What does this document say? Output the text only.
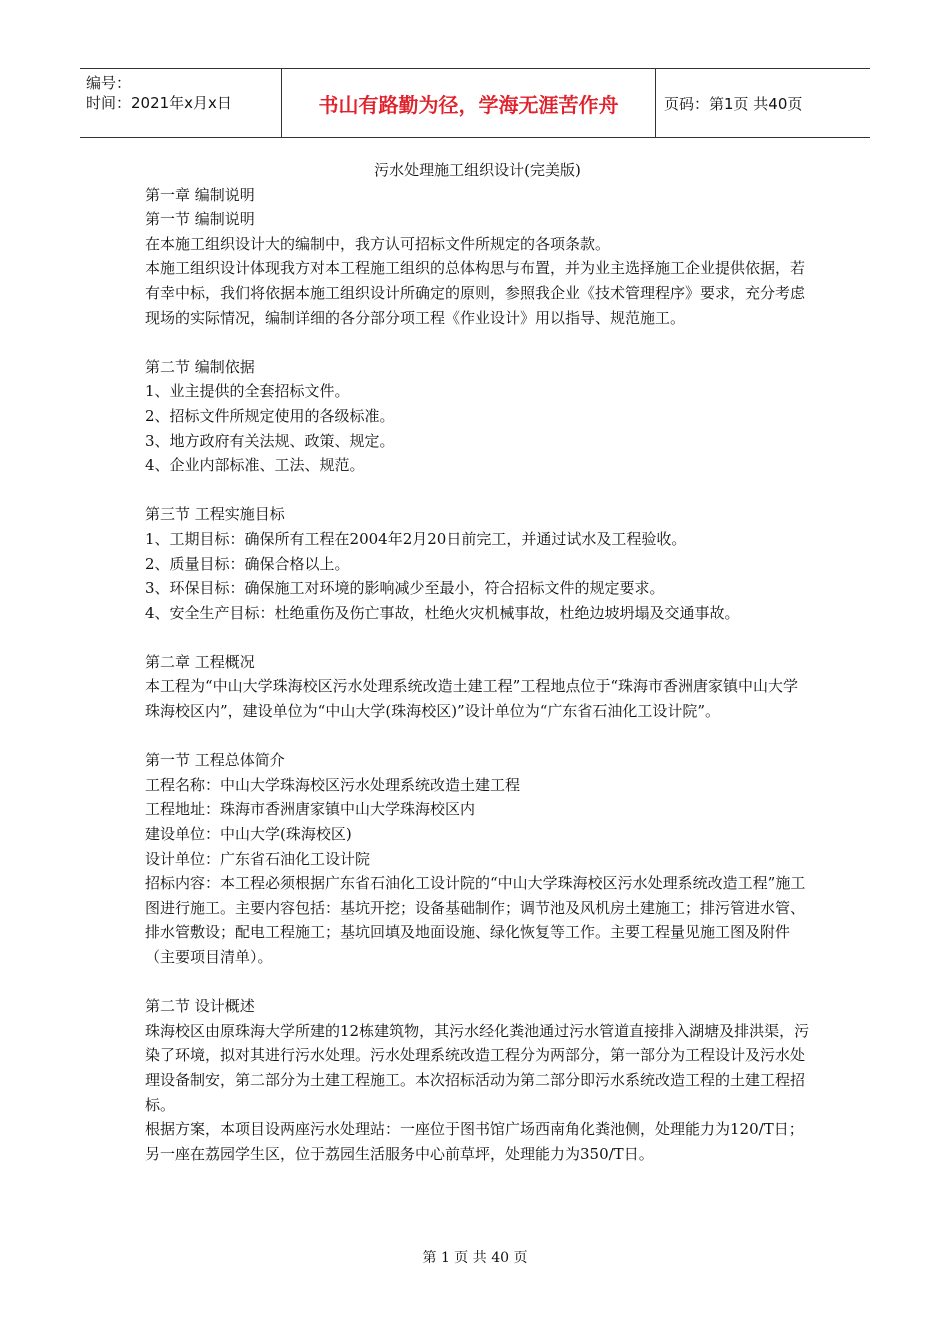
编号：
时间：2021年x月x日	书山有路勤为径，学海无涯苦作舟	页码：第1页 共40页

污水处理施工组织设计(完美版)

第一章 编制说明

第一节 编制说明

在本施工组织设计大的编制中，我方认可招标文件所规定的各项条款。

本施工组织设计体现我方对本工程施工组织的总体构思与布置，并为业主选择施工企业提供依据，若有幸中标，我们将依据本施工组织设计所确定的原则，参照我企业《技术管理程序》要求，充分考虑现场的实际情况，编制详细的各分部分项工程《作业设计》用以指导、规范施工。

第二节 编制依据

1、业主提供的全套招标文件。

2、招标文件所规定使用的各级标准。

3、地方政府有关法规、政策、规定。

4、企业内部标准、工法、规范。

第三节 工程实施目标

1、工期目标：确保所有工程在2004年2月20日前完工，并通过试水及工程验收。

2、质量目标：确保合格以上。

3、环保目标：确保施工对环境的影响减少至最小，符合招标文件的规定要求。

4、安全生产目标：杜绝重伤及伤亡事故，杜绝火灾机械事故，杜绝边坡坍塌及交通事故。

第二章 工程概况

本工程为“中山大学珠海校区污水处理系统改造土建工程”工程地点位于“珠海市香洲唐家镇中山大学珠海校区内”，建设单位为“中山大学(珠海校区)”设计单位为“广东省石油化工设计院”。

第一节 工程总体简介

工程名称：中山大学珠海校区污水处理系统改造土建工程

工程地址：珠海市香洲唐家镇中山大学珠海校区内

建设单位：中山大学(珠海校区)

设计单位：广东省石油化工设计院

招标内容：本工程必须根据广东省石油化工设计院的“中山大学珠海校区污水处理系统改造工程”施工图进行施工。主要内容包括：基坑开挖；设备基础制作；调节池及风机房土建施工；排污管进水管、排水管敷设；配电工程施工；基坑回填及地面设施、绿化恢复等工作。主要工程量见施工图及附件（主要项目清单）。

第二节 设计概述

珠海校区由原珠海大学所建的12栋建筑物，其污水经化粪池通过污水管道直接排入湖塘及排洪渠，污染了环境，拟对其进行污水处理。污水处理系统改造工程分为两部分，第一部分为工程设计及污水处理设备制安，第二部分为土建工程施工。本次招标活动为第二部分即污水系统改造工程的土建工程招标。

根据方案，本项目设两座污水处理站：一座位于图书馆广场西南角化粪池侧，处理能力为120/T日；另一座在荔园学生区，位于荔园生活服务中心前草坪，处理能力为350/T日。

第 1 页 共 40 页
